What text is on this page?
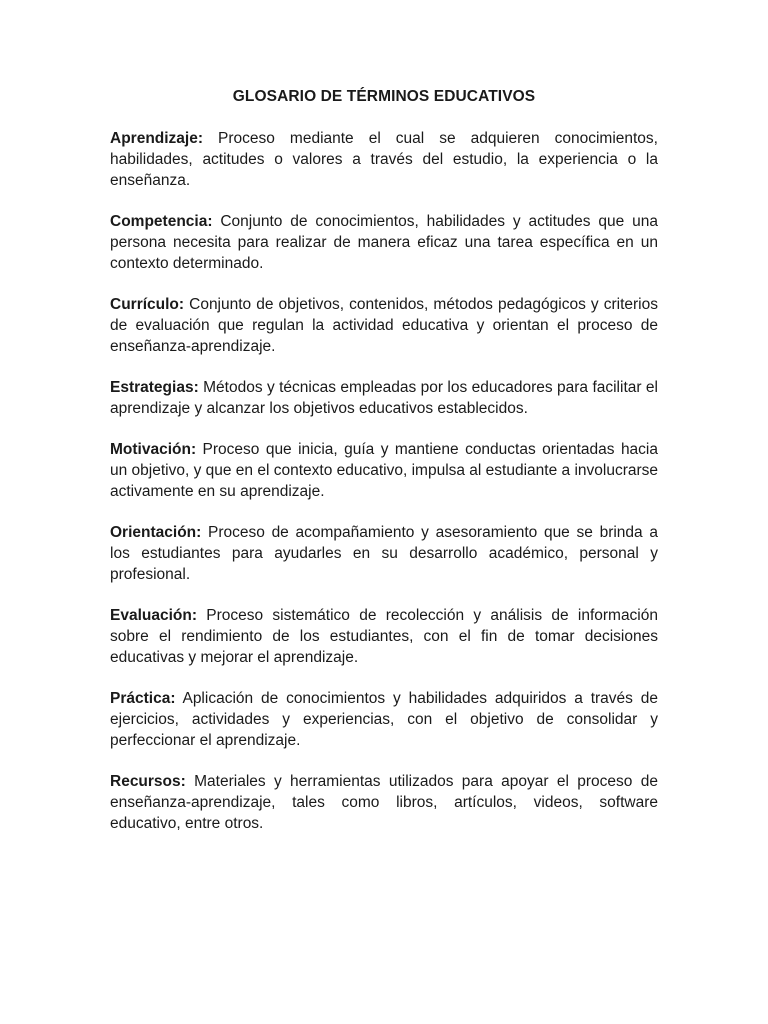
GLOSARIO DE TÉRMINOS EDUCATIVOS

Aprendizaje: Proceso mediante el cual se adquieren conocimientos, habilidades, actitudes o valores a través del estudio, la experiencia o la enseñanza.

Competencia: Conjunto de conocimientos, habilidades y actitudes que una persona necesita para realizar de manera eficaz una tarea específica en un contexto determinado.

Currículo: Conjunto de objetivos, contenidos, métodos pedagógicos y criterios de evaluación que regulan la actividad educativa y orientan el proceso de enseñanza-aprendizaje.

Estrategias: Métodos y técnicas empleadas por los educadores para facilitar el aprendizaje y alcanzar los objetivos educativos establecidos.

Motivación: Proceso que inicia, guía y mantiene conductas orientadas hacia un objetivo, y que en el contexto educativo, impulsa al estudiante a involucrarse activamente en su aprendizaje.

Orientación: Proceso de acompañamiento y asesoramiento que se brinda a los estudiantes para ayudarles en su desarrollo académico, personal y profesional.

Evaluación: Proceso sistemático de recolección y análisis de información sobre el rendimiento de los estudiantes, con el fin de tomar decisiones educativas y mejorar el aprendizaje.

Práctica: Aplicación de conocimientos y habilidades adquiridos a través de ejercicios, actividades y experiencias, con el objetivo de consolidar y perfeccionar el aprendizaje.

Recursos: Materiales y herramientas utilizados para apoyar el proceso de enseñanza-aprendizaje, tales como libros, artículos, videos, software educativo, entre otros.
